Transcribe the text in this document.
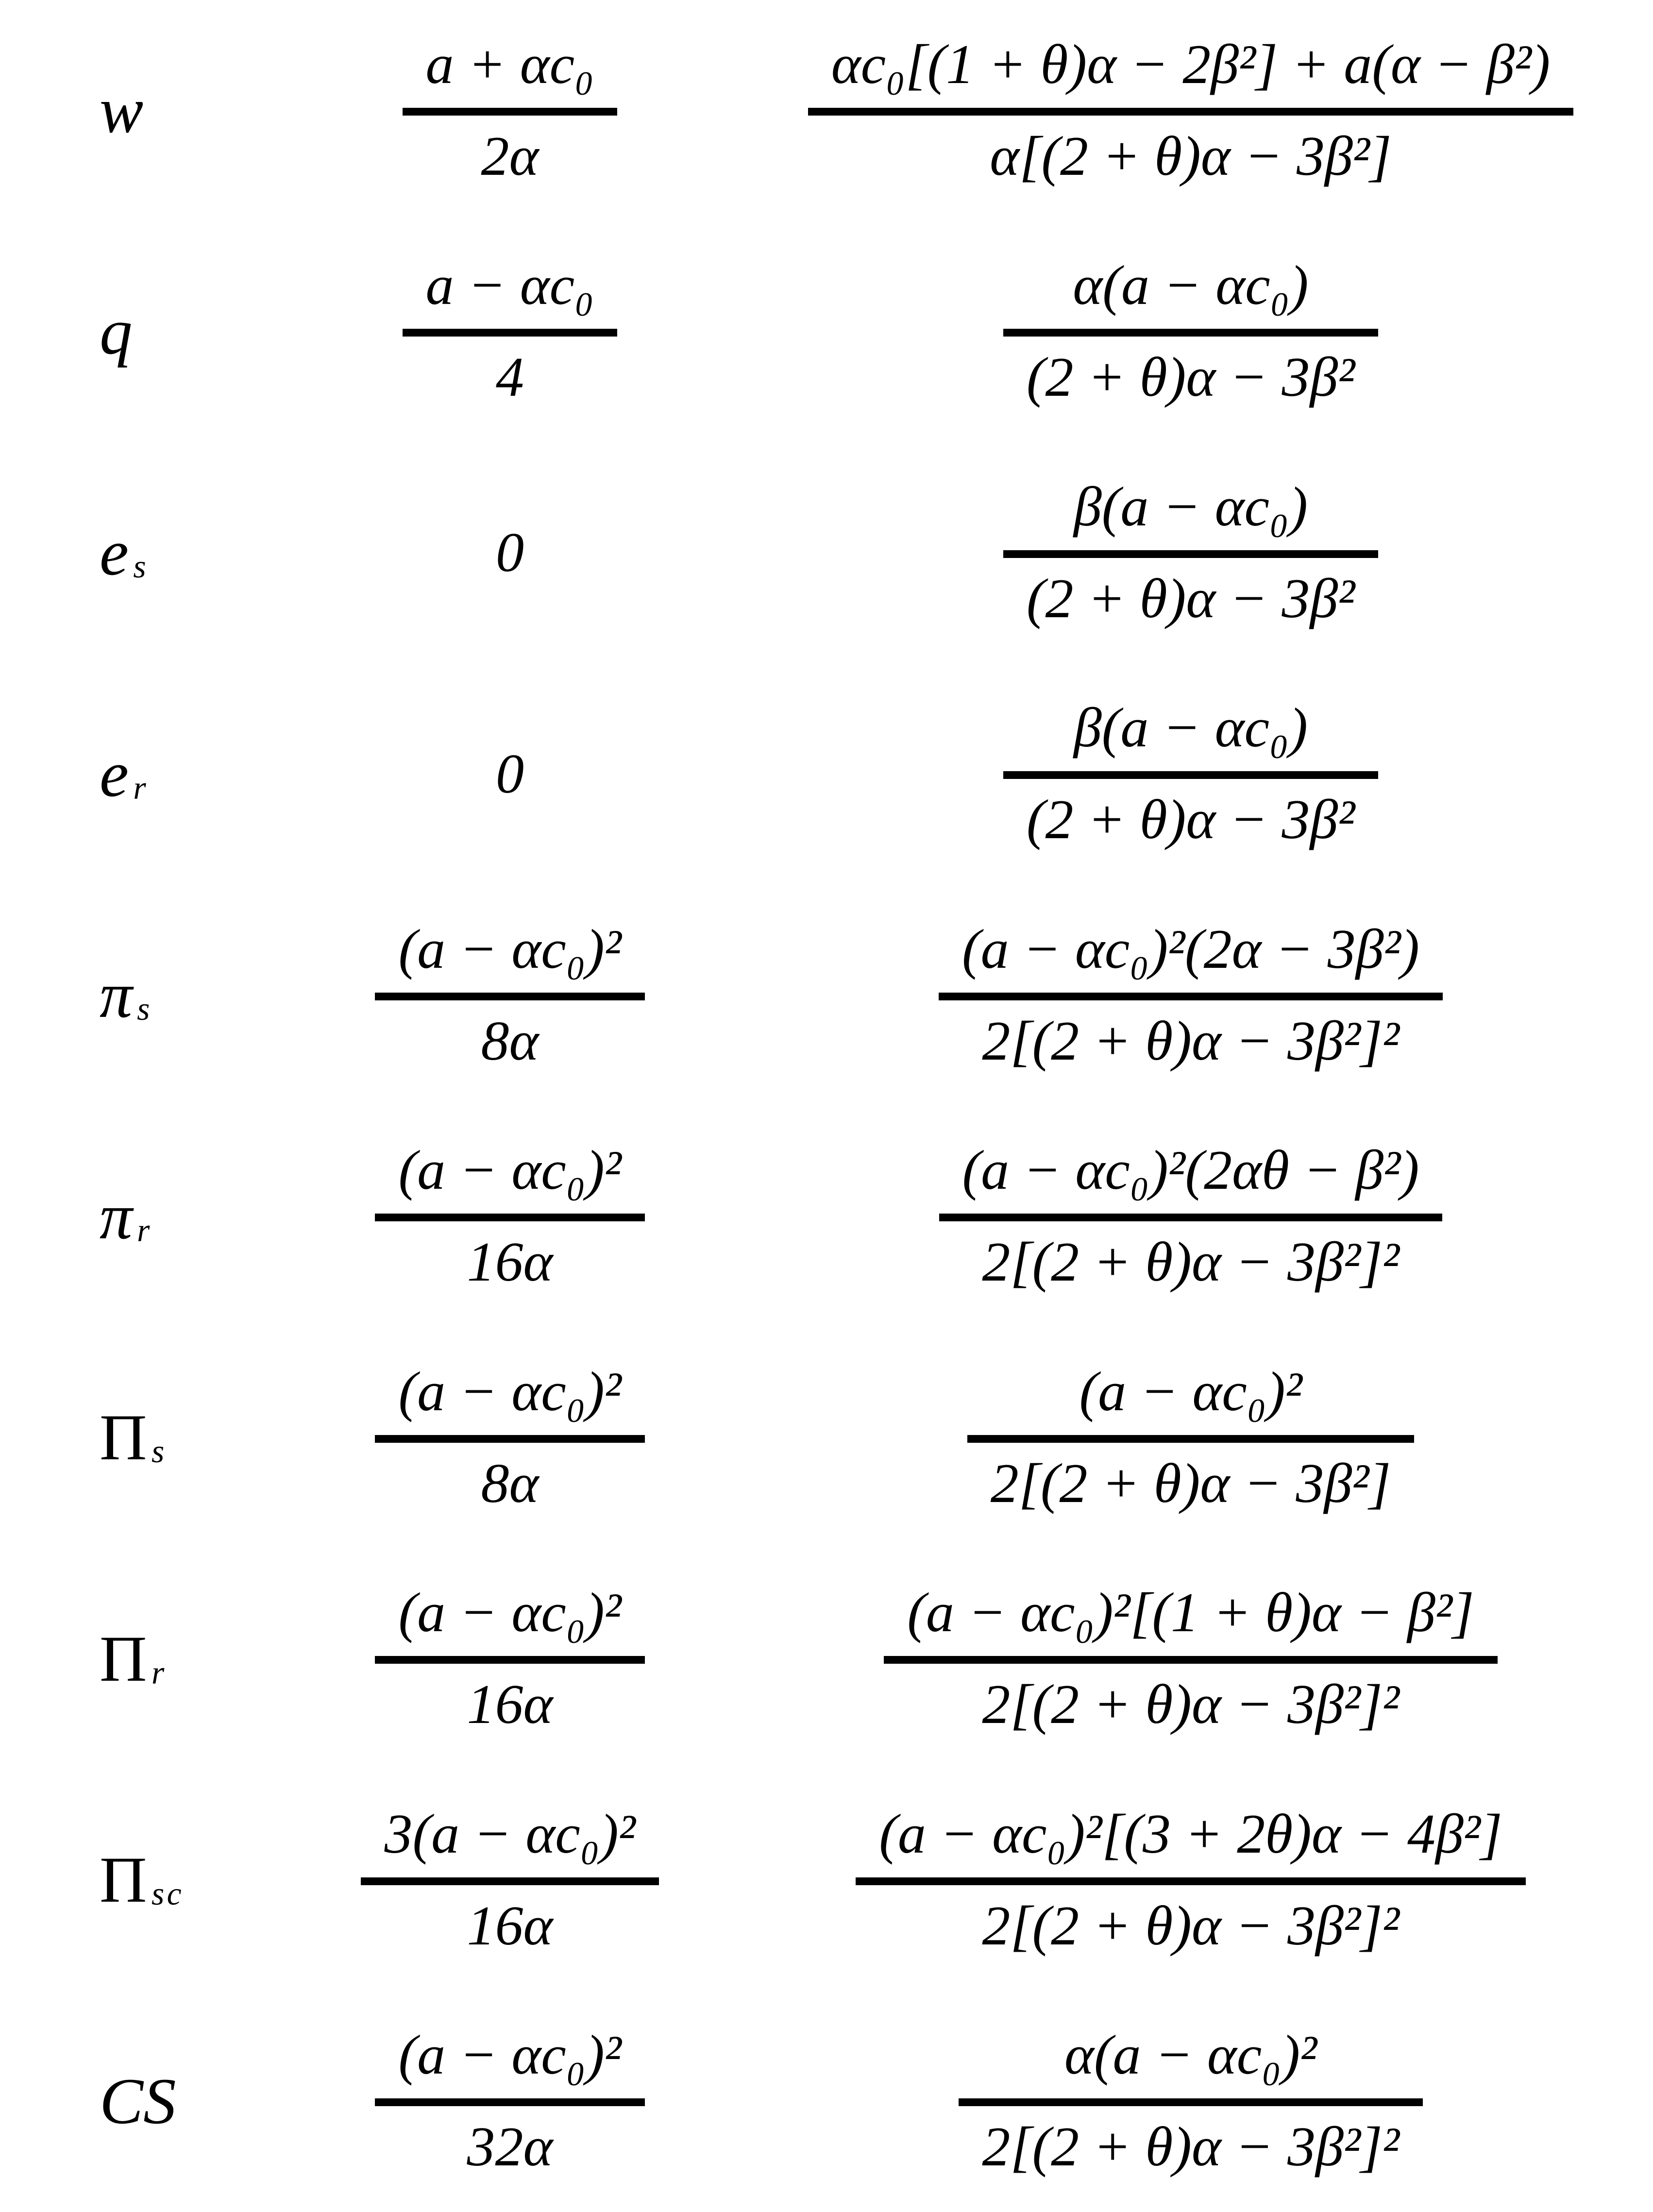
w	$\frac{\text{a + αc₀}}{2\alpha}$	$\frac{\text{αc₀[(1 + θ)α − 2β²] + a(α − β²)}}{\text{α[(2 + θ)α − 3β²]}}$
q	$\frac{\text{a − αc₀}}{4}$	$\frac{\text{α(a − αc₀)}}{\text{(2 + θ)α − 3β²}}$
e s	0	$\frac{\text{β(a − αc₀)}}{\text{(2 + θ)α − 3β²}}$
e r	0	$\frac{\text{β(a − αc₀)}}{\text{(2 + θ)α − 3β²}}$
π s	$\frac{\text{(a − αc₀)²}}{8\alpha}$	$\frac{\text{(a − αc₀)²(2α − 3β²)}}{\text{2[(2 + θ)α − 3β²]²}}$
π r	$\frac{\text{(a − αc₀)²}}{16\alpha}$	$\frac{\text{(a − αc₀)²(2αθ − β²)}}{\text{2[(2 + θ)α − 3β²]²}}$
Π s	$\frac{\text{(a − αc₀)²}}{8\alpha}$	$\frac{\text{(a − αc₀)²}}{\text{2[(2 + θ)α − 3β²]}}$
Π r	$\frac{\text{(a − αc₀)²}}{16\alpha}$	$\frac{\text{(a − αc₀)²[(1 + θ)α − β²]}}{\text{2[(2 + θ)α − 3β²]²}}$
Π sc	$\frac{\text{3(a − αc₀)²}}{16\alpha}$	$\frac{\text{(a − αc₀)²[(3 + 2θ)α − 4β²]}}{\text{2[(2 + θ)α − 3β²]²}}$
CS	$\frac{\text{(a − αc₀)²}}{32\alpha}$	$\frac{\text{α(a − αc₀)²}}{\text{2[(2 + θ)α − 3β²]²}}$
